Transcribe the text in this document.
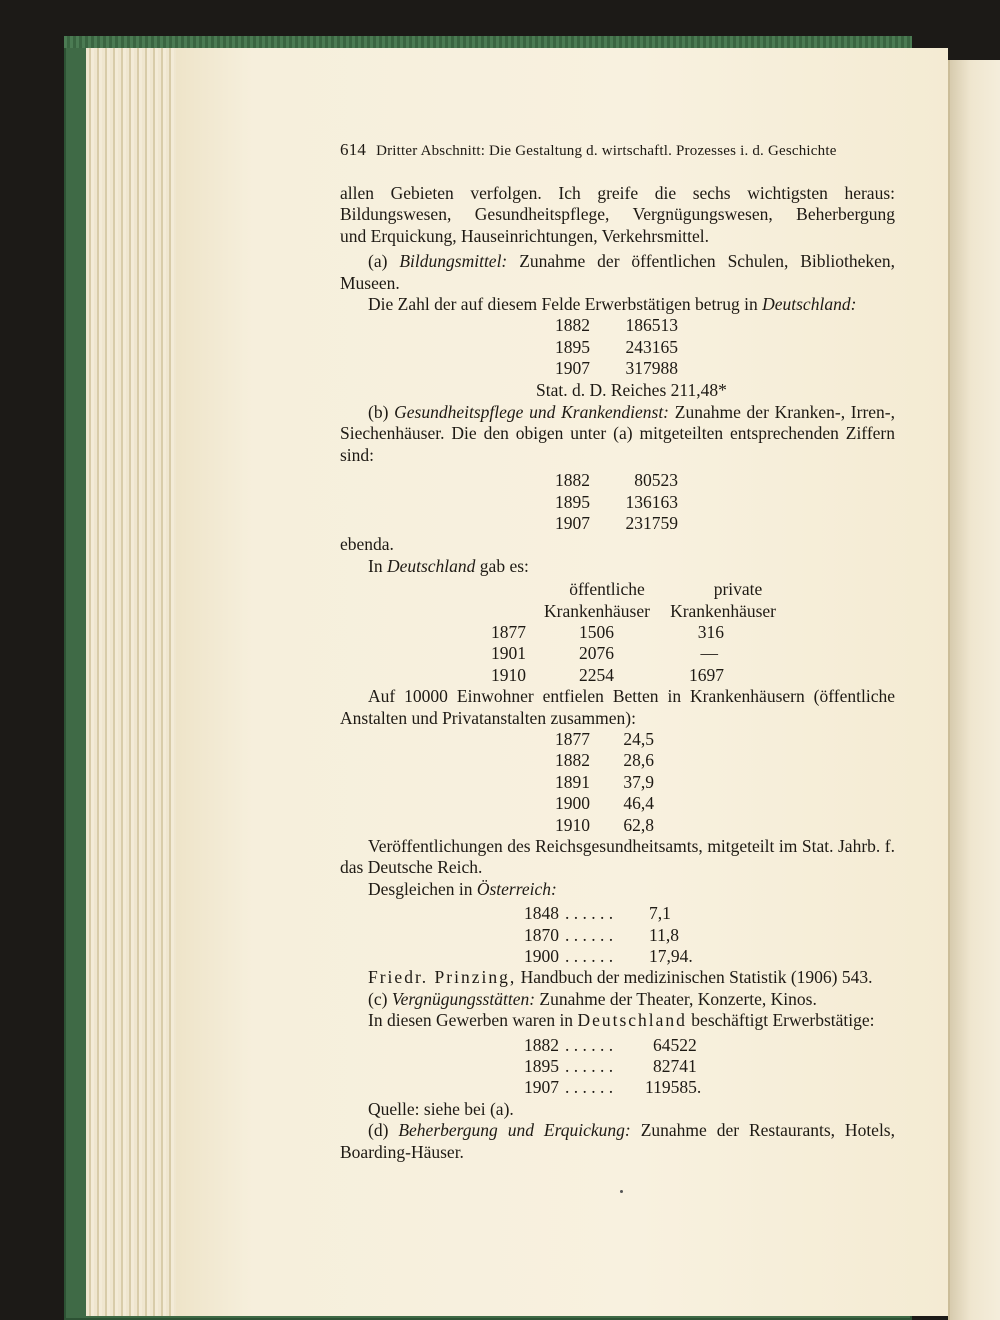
614 Dritter Abschnitt: Die Gestaltung d. wirtschaftl. Prozesses i. d. Geschichte

allen Gebieten verfolgen. Ich greife die sechs wichtigsten heraus:

Bildungswesen, Gesundheitspflege, Vergnügungswesen, Beherbergung

und Erquickung, Hauseinrichtungen, Verkehrsmittel.

(a) Bildungsmittel: Zunahme der öffentlichen Schulen, Bibliotheken, Museen.

Die Zahl der auf diesem Felde Erwerbstätigen betrug in Deutschland:

1882	186513
1895	243165
1907	317988
Stat. d. D. Reiches 211,48*

(b) Gesundheitspflege und Krankendienst: Zunahme der Kranken-, Irren-, Siechenhäuser. Die den obigen unter (a) mitgeteilten entsprechenden Ziffern sind:

1882	80523
1895	136163
1907	231759

ebenda.

In Deutschland gab es:

öffentliche	private
Krankenhäuser	Krankenhäuser
1877	1506	316
1901	2076	—
1910	2254	1697

Auf 10000 Einwohner entfielen Betten in Krankenhäusern (öffentliche Anstalten und Privatanstalten zusammen):

1877	24,5
1882	28,6
1891	37,9
1900	46,4
1910	62,8

Veröffentlichungen des Reichsgesundheitsamts, mitgeteilt im Stat. Jahrb. f. das Deutsche Reich.

Desgleichen in Österreich:

1848 . . . . . .	7,1
1870 . . . . . .	11,8
1900 . . . . . .	17,94.

Friedr. Prinzing, Handbuch der medizinischen Statistik (1906) 543.

(c) Vergnügungsstätten: Zunahme der Theater, Konzerte, Kinos.

In diesen Gewerben waren in Deutschland beschäftigt Erwerbstätige:

1882 . . . . . .	64522
1895 . . . . . .	82741
1907 . . . . . .	119585.

Quelle: siehe bei (a).

(d) Beherbergung und Erquickung: Zunahme der Restaurants, Hotels, Boarding-Häuser.
